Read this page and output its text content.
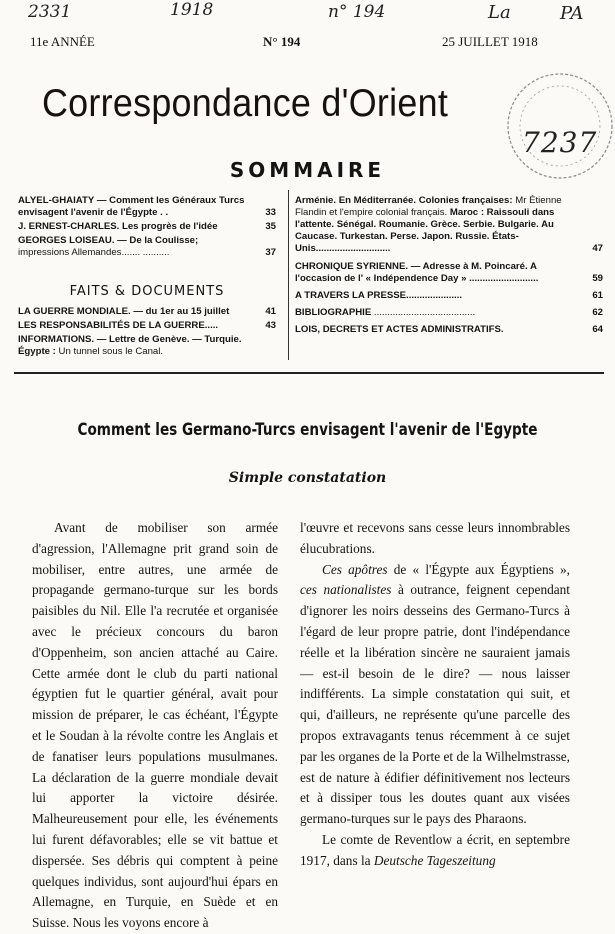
2331	1918	n° 194	La	PA
7237
11e ANNÉE	N° 194	25 JUILLET 1918
Correspondance d'Orient
SOMMAIRE
ALYEL-GHAIATY — Comment les Généraux Turcs envisagent l'avenir de l'Égypte . .	33
J. ERNEST-CHARLES. Les progrès de l'idée	35
GEORGES LOISEAU. — De la Coulisse; impressions Allemandes....... ..........	37
FAITS & DOCUMENTS
LA GUERRE MONDIALE. — du 1er au 15 juillet	41
LES RESPONSABILITÉS DE LA GUERRE.....	43
INFORMATIONS. — Lettre de Genève. — Turquie. Égypte : Un tunnel sous le Canal.
Arménie. En Méditerranée. Colonies françaises: Mr Étienne Flandin et l'empire colonial français. Maroc : Raissouli dans l'attente. Sénégal. Roumanie. Grèce. Serbie. Bulgarie. Au Caucase. Turkestan. Perse. Japon. Russie. États-Unis............................	47
CHRONIQUE SYRIENNE. — Adresse à M. Poincaré. A l'occasion de l' « Indépendence Day » ..........................	59
A TRAVERS LA PRESSE.....................	61
BIBLIOGRAPHIE ......................................	62
LOIS, DECRETS ET ACTES ADMINISTRATIFS.	64
Comment les Germano-Turcs envisagent l'avenir de l'Egypte
Simple constatation

Avant de mobiliser son armée d'agression, l'Allemagne prit grand soin de mobiliser, entre autres, une armée de propagande germano-turque sur les bords paisibles du Nil. Elle l'a recrutée et organisée avec le précieux concours du baron d'Oppenheim, son ancien attaché au Caire. Cette armée dont le club du parti national égyptien fut le quartier général, avait pour mission de préparer, le cas échéant, l'Égypte et le Soudan à la révolte contre les Anglais et de fanatiser leurs populations musulmanes. La déclaration de la guerre mondiale devait lui apporter la victoire désirée. Malheureusement pour elle, les événements lui furent défavorables; elle se vit battue et dispersée. Ses débris qui comptent à peine quelques individus, sont aujourd'hui épars en Allemagne, en Turquie, en Suède et en Suisse. Nous les voyons encore à

l'œuvre et recevons sans cesse leurs innombrables élucubrations.

Ces apôtres de « l'Égypte aux Égyptiens », ces nationalistes à outrance, feignent cependant d'ignorer les noirs desseins des Germano-Turcs à l'égard de leur propre patrie, dont l'indépendance réelle et la libération sincère ne sauraient jamais — est-il besoin de le dire? — nous laisser indifférents. La simple constatation qui suit, et qui, d'ailleurs, ne représente qu'une parcelle des propos extravagants tenus récemment à ce sujet par les organes de la Porte et de la Wilhelmstrasse, est de nature à édifier définitivement nos lecteurs et à dissiper tous les doutes quant aux visées germano-turques sur le pays des Pharaons.

Le comte de Reventlow a écrit, en septembre 1917, dans la Deutsche Tageszeitung
